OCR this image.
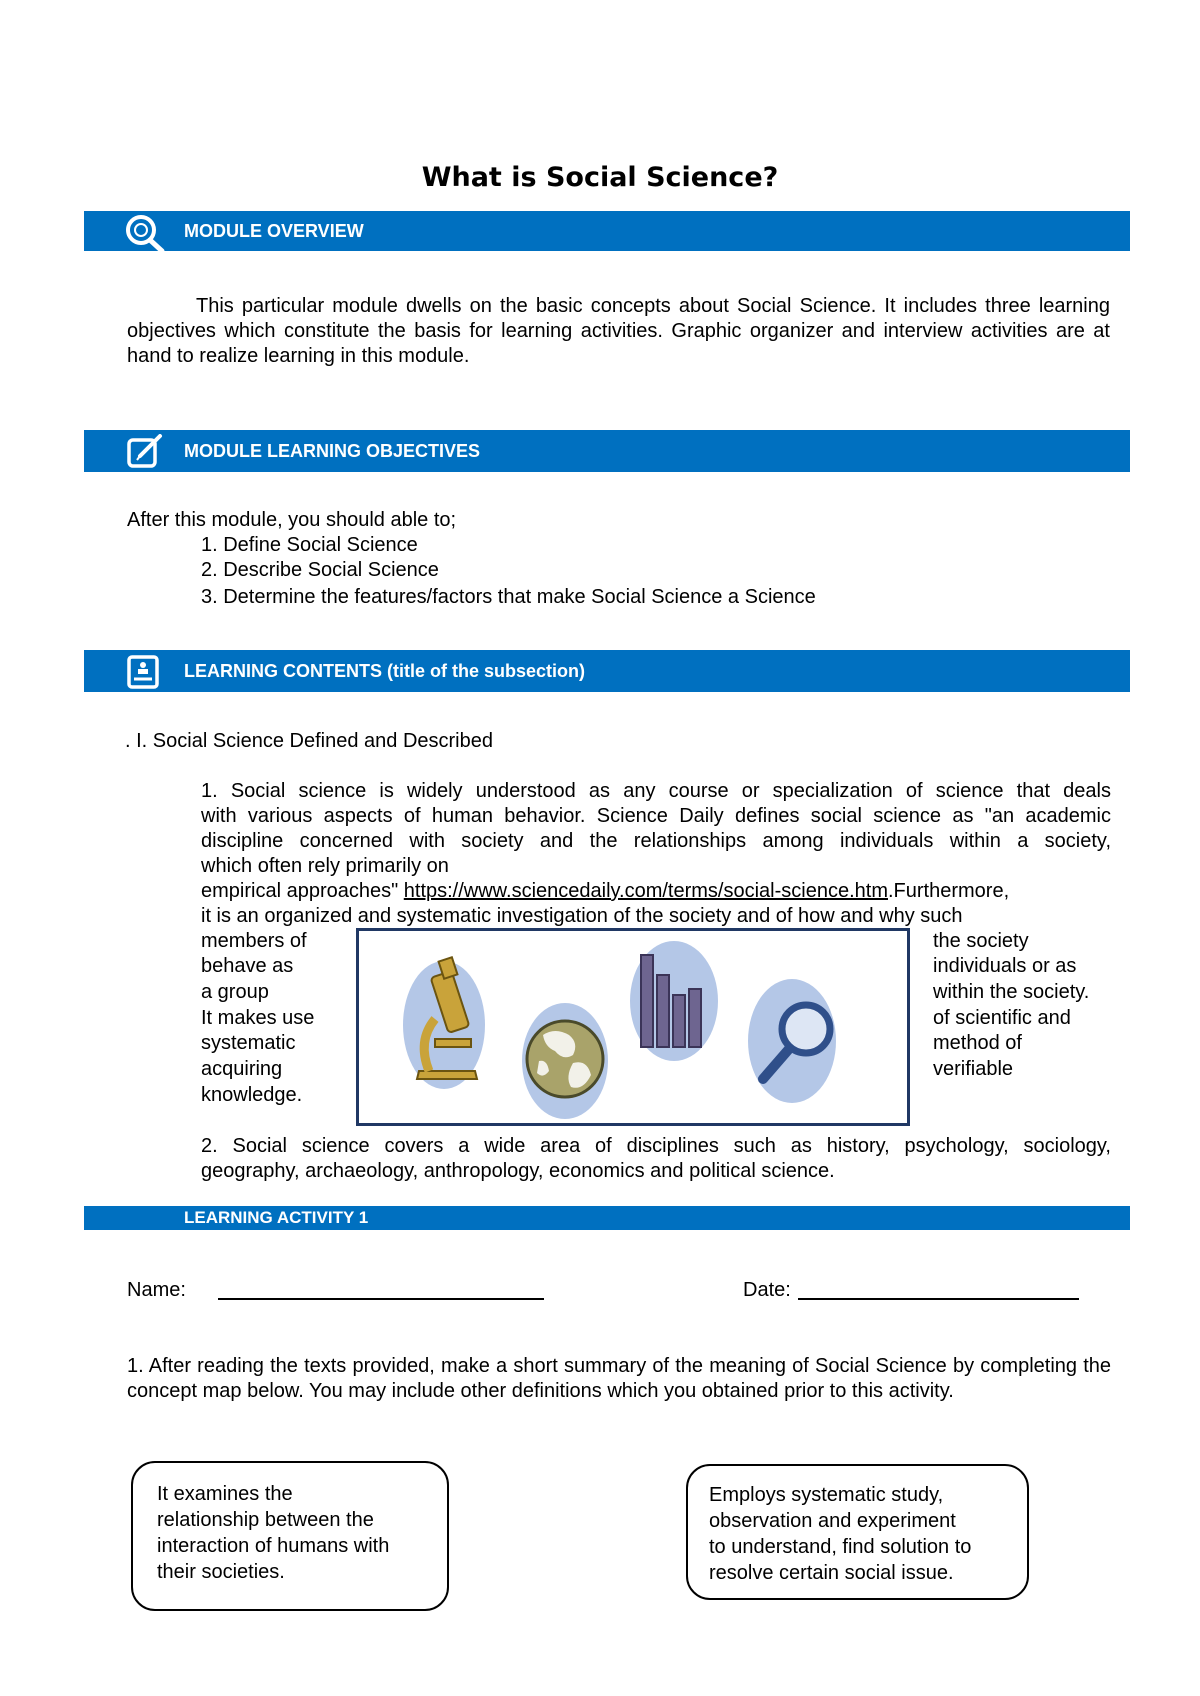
What is Social Science?
MODULE OVERVIEW
This particular module dwells on the basic concepts about Social Science. It includes three learning objectives which constitute the basis for learning activities. Graphic organizer and interview activities are at hand to realize learning in this module.
MODULE LEARNING OBJECTIVES
After this module, you should able to;
1. Define Social Science
2. Describe Social Science
3. Determine the features/factors that make Social Science a Science
LEARNING CONTENTS (title of the subsection)
. I. Social Science Defined and Described
1. Social science is widely understood as any course or specialization of science that deals
with various aspects of human behavior. Science Daily defines social science as "an academic
discipline concerned with society and the relationships among individuals within a society,
which often rely primarily on
empirical approaches" https://www.sciencedaily.com/terms/social-science.htm.Furthermore,
it is an organized and systematic investigation of the society and of how and why such
members of
behave as
a group
It makes use
systematic
acquiring
knowledge.
the society
individuals or as
within the society.
of scientific and
method of
verifiable
2. Social science covers a wide area of disciplines such as history, psychology, sociology,
geography, archaeology, anthropology, economics and political science.
LEARNING ACTIVITY 1
Name:	Date:
1. After reading the texts provided, make a short summary of the meaning of Social Science by completing the concept map below. You may include other definitions which you obtained prior to this activity.
It examines the
relationship between the
interaction of humans with
their societies.
Employs systematic study,
observation and experiment
to understand, find solution to
resolve certain social issue.
